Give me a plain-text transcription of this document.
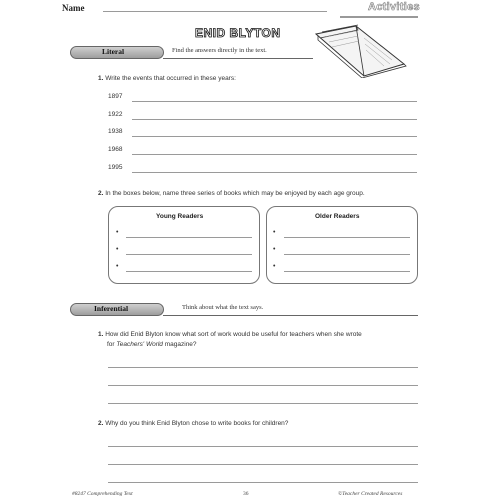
Name	Activities
ENID BLYTON
Literal	Find the answers directly in the text.
1. Write the events that occurred in these years:
1897
1922
1938
1968
1995
2. In the boxes below, name three series of books which may be enjoyed by each age group.
Young Readers
•
•
•
Older Readers
•
•
•
Inferential	Think about what the text says.
1. How did Enid Blyton know what sort of work would be useful for teachers when she wrote
for Teachers' World magazine?
2. Why do you think Enid Blyton chose to write books for children?
#8247 Comprehending Text	36	©Teacher Created Resources
